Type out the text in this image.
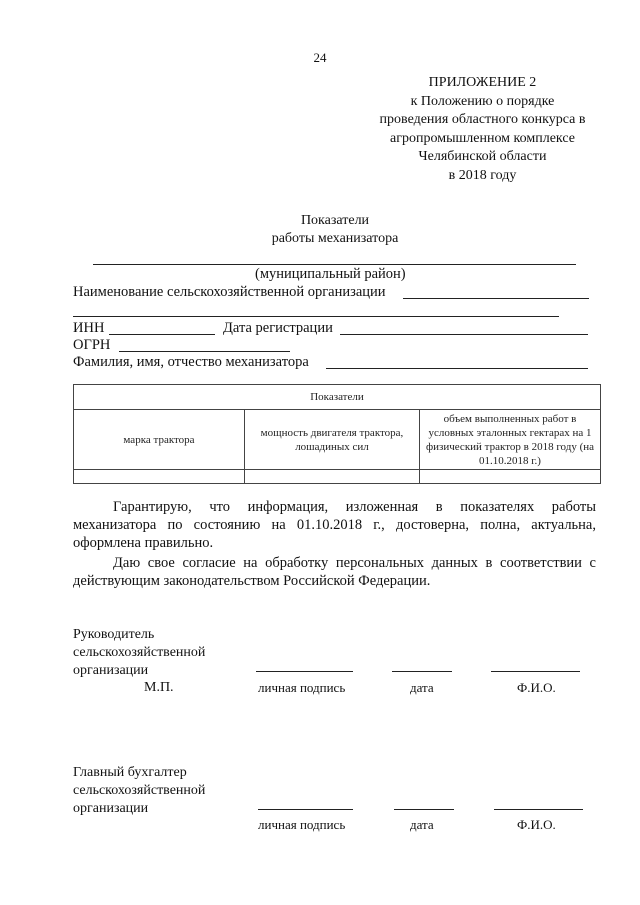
24
ПРИЛОЖЕНИЕ 2
к Положению о порядке
проведения областного конкурса в
агропромышленном комплексе
Челябинской области
в 2018 году
Показатели
работы механизатора
(муниципальный район)
Наименование сельскохозяйственной организации
ИНН	Дата регистрации
ОГРН
Фамилия, имя, отчество механизатора
Показатели		
марка трактора	мощность двигателя трактора, лошадиных сил	объем выполненных работ в условных эталонных гектарах на 1 физический трактор в 2018 году (на 01.10.2018 г.)

Гарантирую, что информация, изложенная в показателях работы механизатора по состоянию на 01.10.2018 г., достоверна, полна, актуальна, оформлена правильно.
Даю свое согласие на обработку персональных данных в соответствии с действующим законодательством Российской Федерации.
Руководитель
сельскохозяйственной
организации
М.П.	личная подпись	дата	Ф.И.О.
Главный бухгалтер
сельскохозяйственной
организации
личная подпись	дата	Ф.И.О.
